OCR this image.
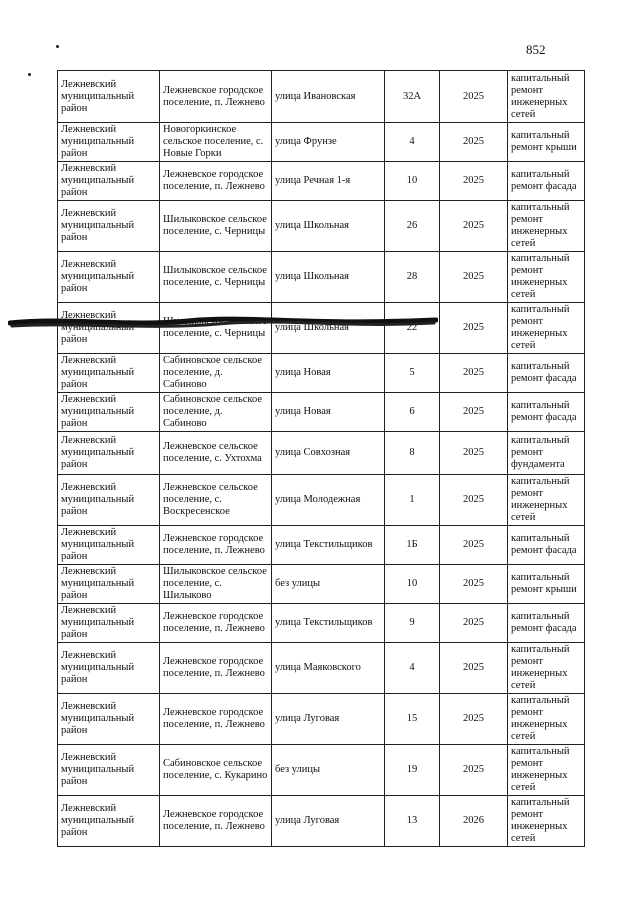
852
Лежневский муниципальный район	Лежневское городское поселение, п. Лежнево	улица Ивановская	32А	2025	капитальный ремонт инженерных сетей
Лежневский муниципальный район	Новогоркинское сельское поселение, с. Новые Горки	улица Фрунзе	4	2025	капитальный ремонт крыши
Лежневский муниципальный район	Лежневское городское поселение, п. Лежнево	улица Речная 1-я	10	2025	капитальный ремонт фасада
Лежневский муниципальный район	Шилыковское сельское поселение, с. Черницы	улица Школьная	26	2025	капитальный ремонт инженерных сетей
Лежневский муниципальный район	Шилыковское сельское поселение, с. Черницы	улица Школьная	28	2025	капитальный ремонт инженерных сетей
Лежневский муниципальный район	Шилыковское сельское поселение, с. Черницы	улица Школьная	22	2025	капитальный ремонт инженерных сетей
Лежневский муниципальный район	Сабиновское сельское поселение, д. Сабиново	улица Новая	5	2025	капитальный ремонт фасада
Лежневский муниципальный район	Сабиновское сельское поселение, д. Сабиново	улица Новая	6	2025	капитальный ремонт фасада
Лежневский муниципальный район	Лежневское сельское поселение, с. Ухтохма	улица Совхозная	8	2025	капитальный ремонт фундамента
Лежневский муниципальный район	Лежневское сельское поселение, с. Воскресенское	улица Молодежная	1	2025	капитальный ремонт инженерных сетей
Лежневский муниципальный район	Лежневское городское поселение, п. Лежнево	улица Текстильщиков	1Б	2025	капитальный ремонт фасада
Лежневский муниципальный район	Шилыковское сельское поселение, с. Шилыково	без улицы	10	2025	капитальный ремонт крыши
Лежневский муниципальный район	Лежневское городское поселение, п. Лежнево	улица Текстильщиков	9	2025	капитальный ремонт фасада
Лежневский муниципальный район	Лежневское городское поселение, п. Лежнево	улица Маяковского	4	2025	капитальный ремонт инженерных сетей
Лежневский муниципальный район	Лежневское городское поселение, п. Лежнево	улица Луговая	15	2025	капитальный ремонт инженерных сетей
Лежневский муниципальный район	Сабиновское сельское поселение, с. Кукарино	без улицы	19	2025	капитальный ремонт инженерных сетей
Лежневский муниципальный район	Лежневское городское поселение, п. Лежнево	улица Луговая	13	2026	капитальный ремонт инженерных сетей
